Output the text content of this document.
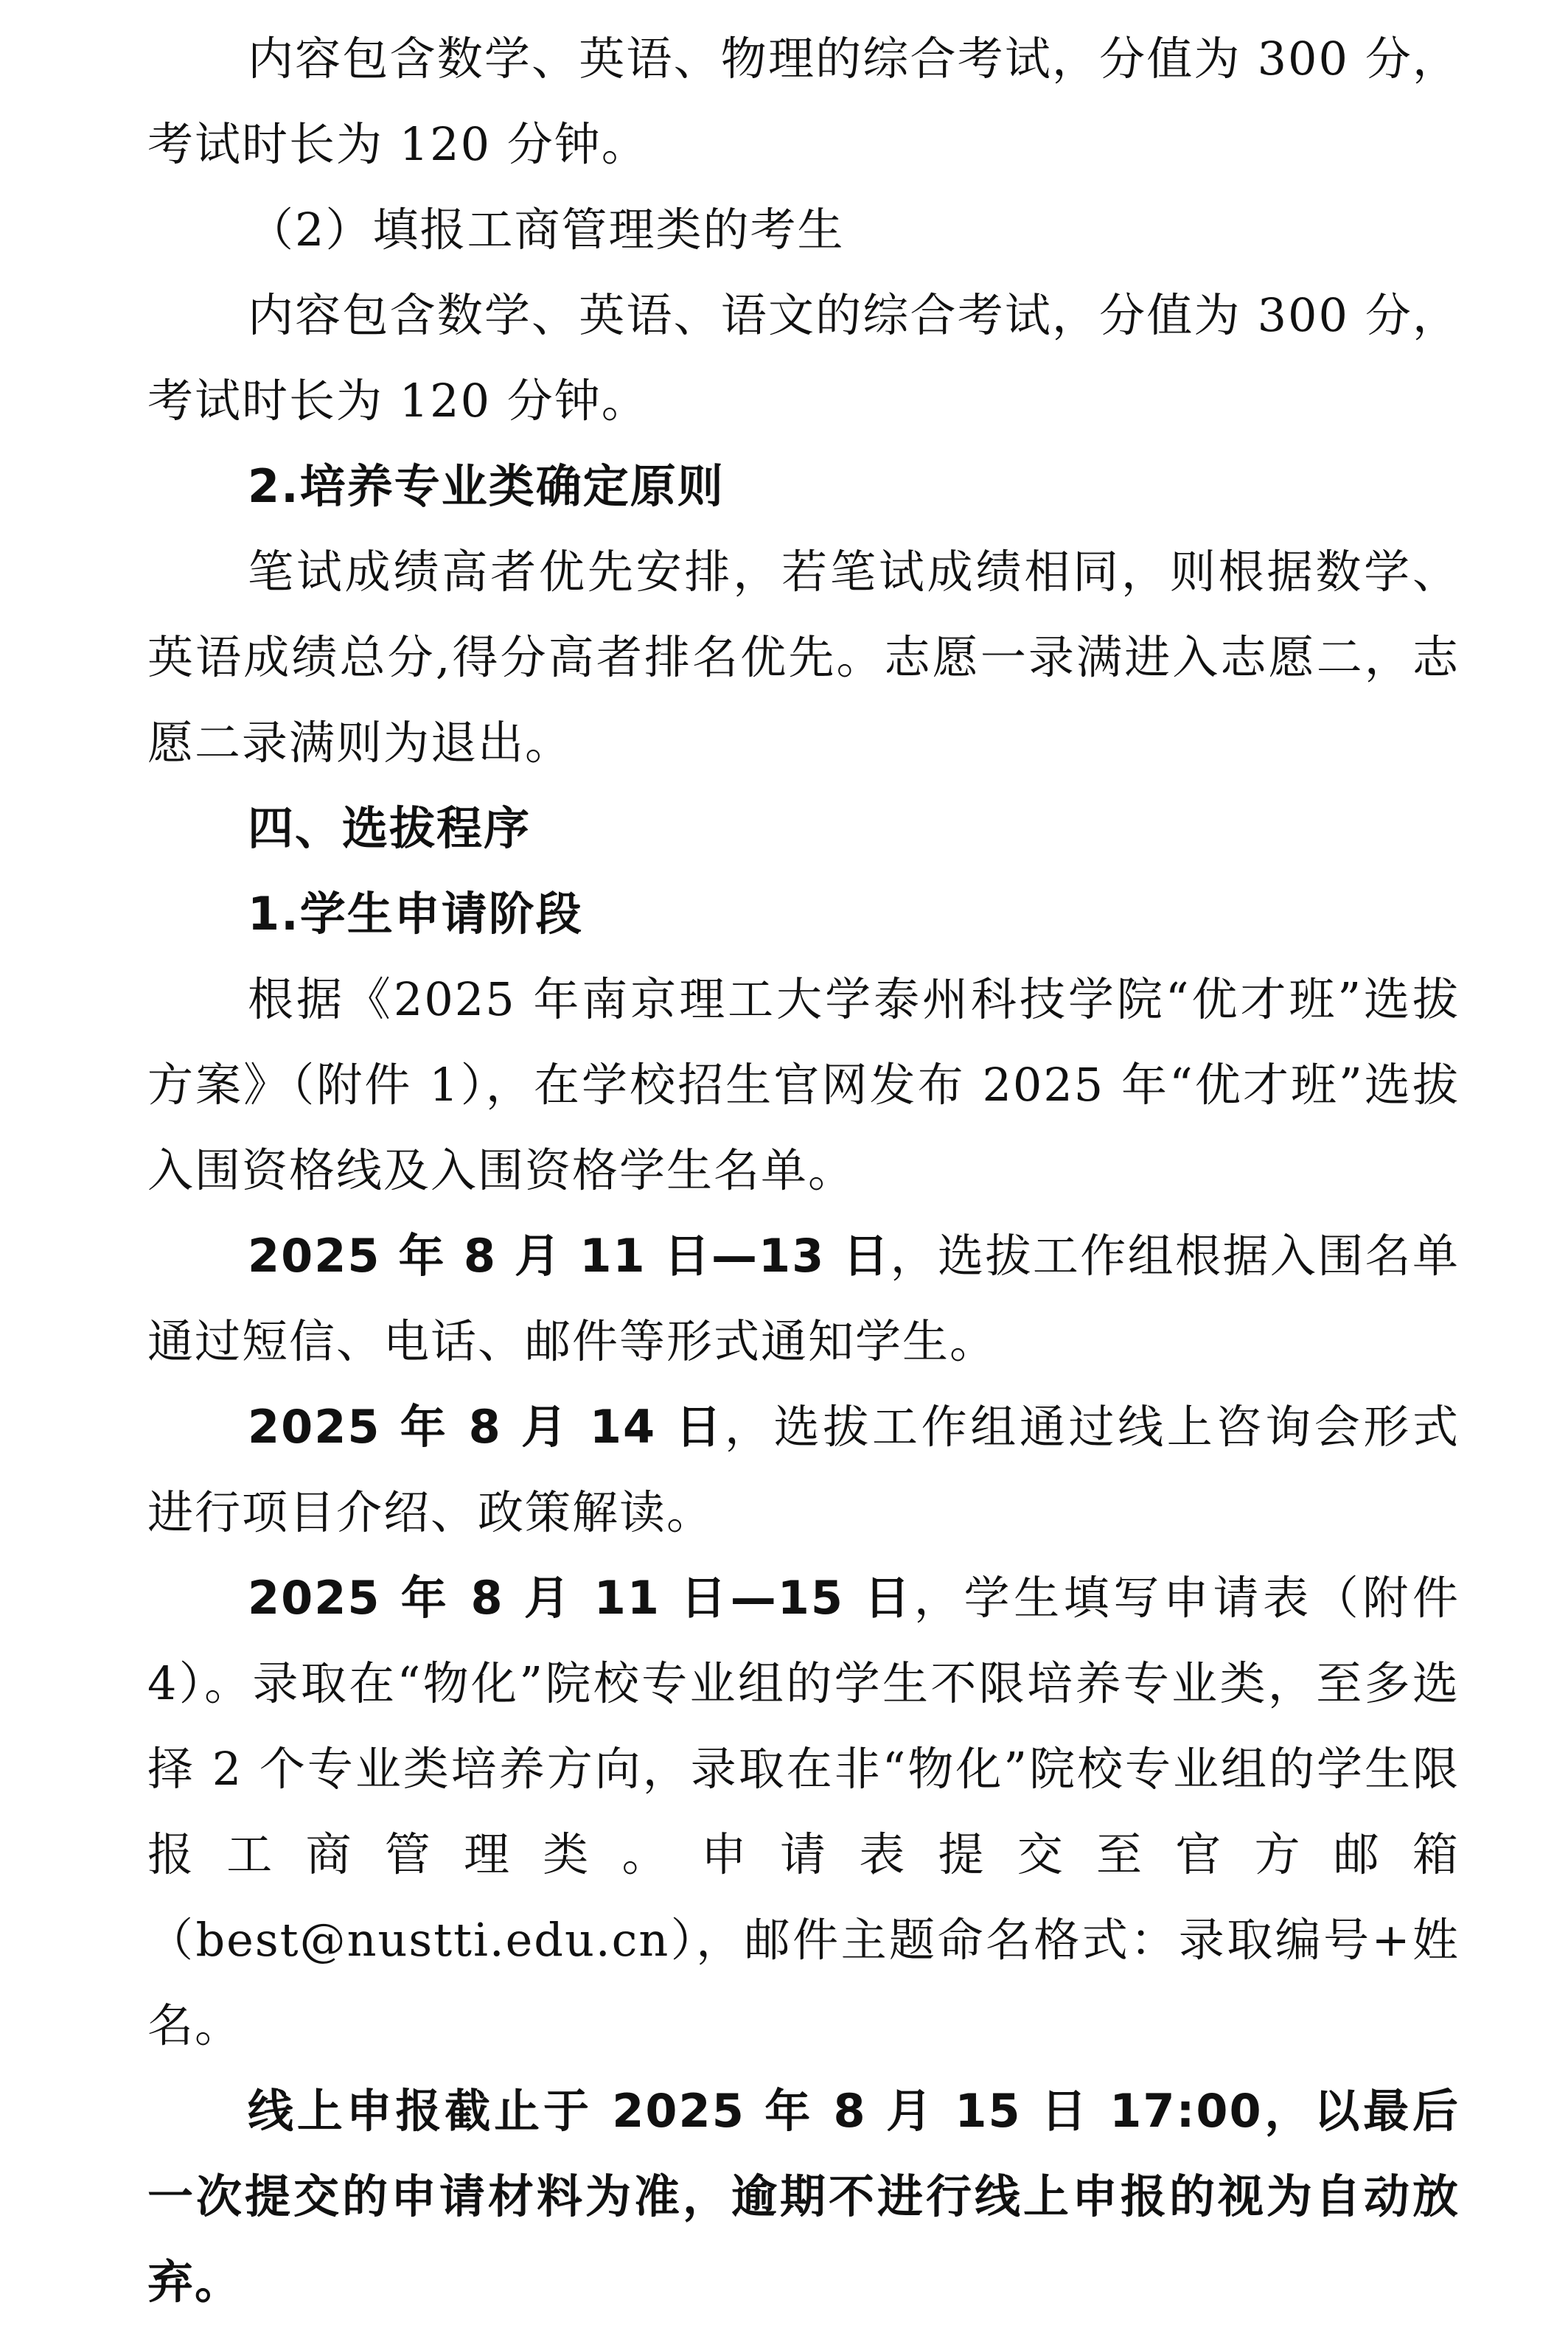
内容包含数学、英语、物理的综合考试，分值为 300 分，考试时长为 120 分钟。

（2）填报工商管理类的考生

内容包含数学、英语、语文的综合考试，分值为 300 分，考试时长为 120 分钟。

2.培养专业类确定原则

笔试成绩高者优先安排，若笔试成绩相同，则根据数学、英语成绩总分,得分高者排名优先。志愿一录满进入志愿二，志愿二录满则为退出。

四、选拔程序

1.学生申请阶段

根据《2025 年南京理工大学泰州科技学院“优才班”选拔方案》（附件 1），在学校招生官网发布 2025 年“优才班”选拔入围资格线及入围资格学生名单。

2025 年 8 月 11 日—13 日，选拔工作组根据入围名单通过短信、电话、邮件等形式通知学生。

2025 年 8 月 14 日，选拔工作组通过线上咨询会形式进行项目介绍、政策解读。

2025 年 8 月 11 日—15 日，学生填写申请表（附件 4）。录取在“物化”院校专业组的学生不限培养专业类，至多选择 2 个专业类培养方向，录取在非“物化”院校专业组的学生限报工商管理类。申请表提交至官方邮箱（best@nustti.edu.cn），邮件主题命名格式：录取编号+姓名。

线上申报截止于 2025 年 8 月 15 日 17:00，以最后一次提交的申请材料为准，逾期不进行线上申报的视为自动放弃。
